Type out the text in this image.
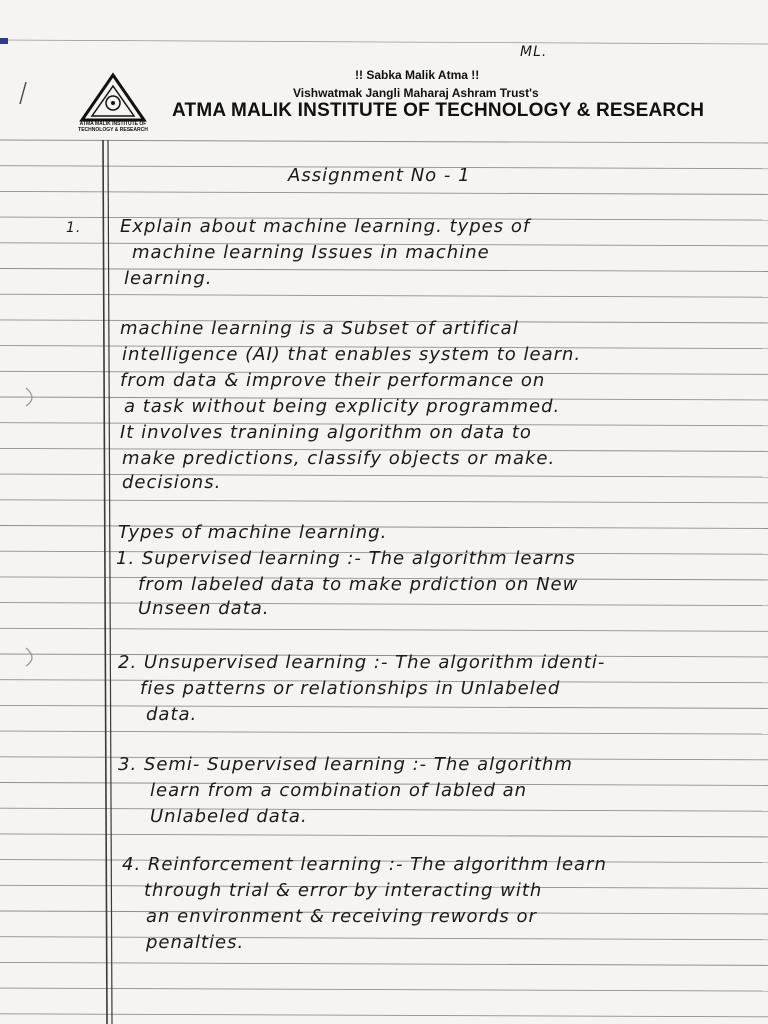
ATMA MALIK INSTITUTE OF
TECHNOLOGY & RESEARCH
ML.
!! Sabka Malik Atma !!
Vishwatmak Jangli Maharaj Ashram Trust's
ATMA MALIK INSTITUTE OF TECHNOLOGY & RESEARCH
Assignment No - 1
1. Explain about machine learning. types of
machine learning Issues in machine
learning.
machine learning is a Subset of artifical
intelligence (AI) that enables system to learn.
from data & improve their performance on
a task without being explicity programmed.
It involves tranining algorithm on data to
make predictions, classify objects or make.
decisions.
Types of machine learning.
1. Supervised learning :- The algorithm learns
from labeled data to make prdiction on New
Unseen data.
2. Unsupervised learning :- The algorithm identi-
fies patterns or relationships in Unlabeled
data.
3. Semi- Supervised learning :- The algorithm
learn from a combination of labled an
Unlabeled data.
4. Reinforcement learning :- The algorithm learn
through trial & error by interacting with
an environment & receiving rewords or
penalties.
